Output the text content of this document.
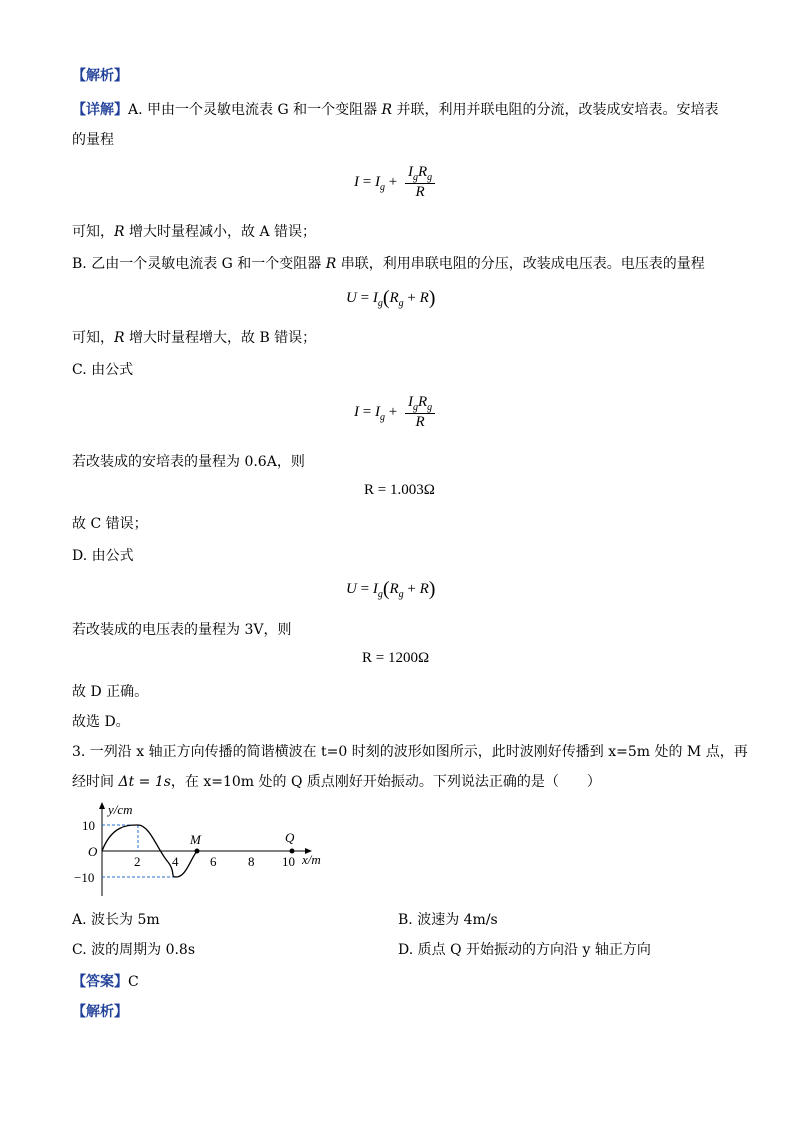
【解析】
【详解】A. 甲由一个灵敏电流表 G 和一个变阻器 R 并联，利用并联电阻的分流，改装成安培表。安培表
的量程
$I = I_g + \frac{I_gR_g}{R}$
可知，R 增大时量程减小，故 A 错误；
B. 乙由一个灵敏电流表 G 和一个变阻器 R 串联，利用串联电阻的分压，改装成电压表。电压表的量程
$U = I_g(R_g + R)$
可知，R 增大时量程增大，故 B 错误；
C. 由公式
$I = I_g + \frac{I_gR_g}{R}$
若改装成的安培表的量程为 0.6A，则
R = 1.003Ω
故 C 错误；
D. 由公式
$U = I_g(R_g + R)$
若改装成的电压表的量程为 3V，则
R = 1200Ω
故 D 正确。
故选 D。
3. 一列沿 x 轴正方向传播的简谐横波在 t=0 时刻的波形如图所示，此时波刚好传播到 x=5m 处的 M 点，再
经时间 Δt = 1s，在 x=10m 处的 Q 质点刚好开始振动。下列说法正确的是（　　）
y/cm
x/m
O
10
−10
2 4 6 8 10
M	Q
A. 波长为 5m	B. 波速为 4m/s
C. 波的周期为 0.8s	D. 质点 Q 开始振动的方向沿 y 轴正方向
【答案】C
【解析】
